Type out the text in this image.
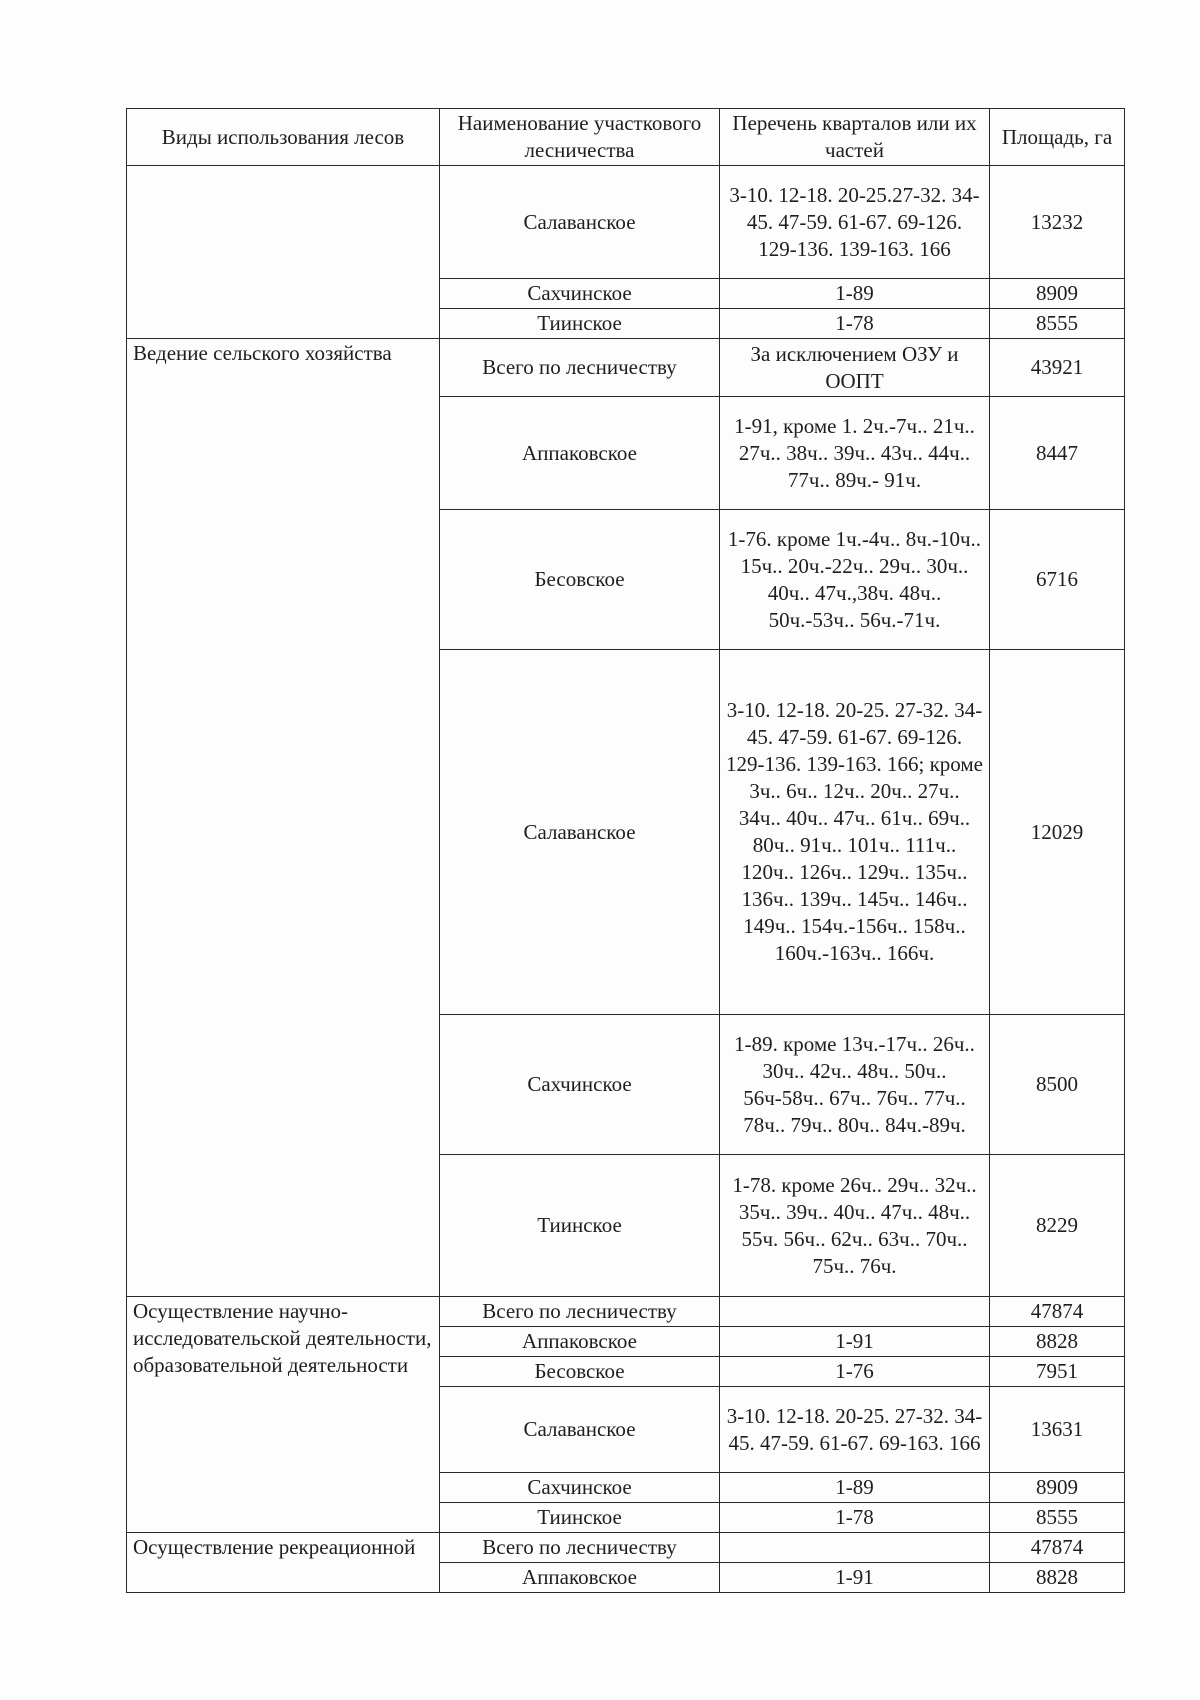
Виды использования лесов	Наименование участкового лесничества	Перечень кварталов или их частей	Площадь, га
	Салаванское	3-10. 12-18. 20-25.27-32. 34-45. 47-59. 61-67. 69-126. 129-136. 139-163. 166	13232
	Сахчинское	1-89	8909
	Тиинское	1-78	8555
Ведение сельского хозяйства	Всего по лесничеству	За исключением ОЗУ и ООПТ	43921
	Аппаковское	1-91, кроме 1. 2ч.-7ч.. 21ч.. 27ч.. 38ч.. 39ч.. 43ч.. 44ч.. 77ч.. 89ч.- 91ч.	8447
	Бесовское	1-76. кроме 1ч.-4ч.. 8ч.-10ч.. 15ч.. 20ч.-22ч.. 29ч.. 30ч.. 40ч.. 47ч.,38ч. 48ч.. 50ч.-53ч.. 56ч.-71ч.	6716
	Салаванское	3-10. 12-18. 20-25. 27-32. 34-45. 47-59. 61-67. 69-126. 129-136. 139-163. 166; кроме 3ч.. 6ч.. 12ч.. 20ч.. 27ч.. 34ч.. 40ч.. 47ч.. 61ч.. 69ч.. 80ч.. 91ч.. 101ч.. 111ч.. 120ч.. 126ч.. 129ч.. 135ч.. 136ч.. 139ч.. 145ч.. 146ч.. 149ч.. 154ч.-156ч.. 158ч.. 160ч.-163ч.. 166ч.	12029
	Сахчинское	1-89. кроме 13ч.-17ч.. 26ч.. 30ч.. 42ч.. 48ч.. 50ч.. 56ч-58ч.. 67ч.. 76ч.. 77ч.. 78ч.. 79ч.. 80ч.. 84ч.-89ч.	8500
	Тиинское	1-78. кроме 26ч.. 29ч.. 32ч.. 35ч.. 39ч.. 40ч.. 47ч.. 48ч.. 55ч. 56ч.. 62ч.. 63ч.. 70ч.. 75ч.. 76ч.	8229
Осуществление научно-исследовательской деятельности, образовательной деятельности	Всего по лесничеству		47874
	Аппаковское	1-91	8828
	Бесовское	1-76	7951
	Салаванское	3-10. 12-18. 20-25. 27-32. 34-45. 47-59. 61-67. 69-163. 166	13631
	Сахчинское	1-89	8909
	Тиинское	1-78	8555
Осуществление рекреационной	Всего по лесничеству		47874
	Аппаковское	1-91	8828
